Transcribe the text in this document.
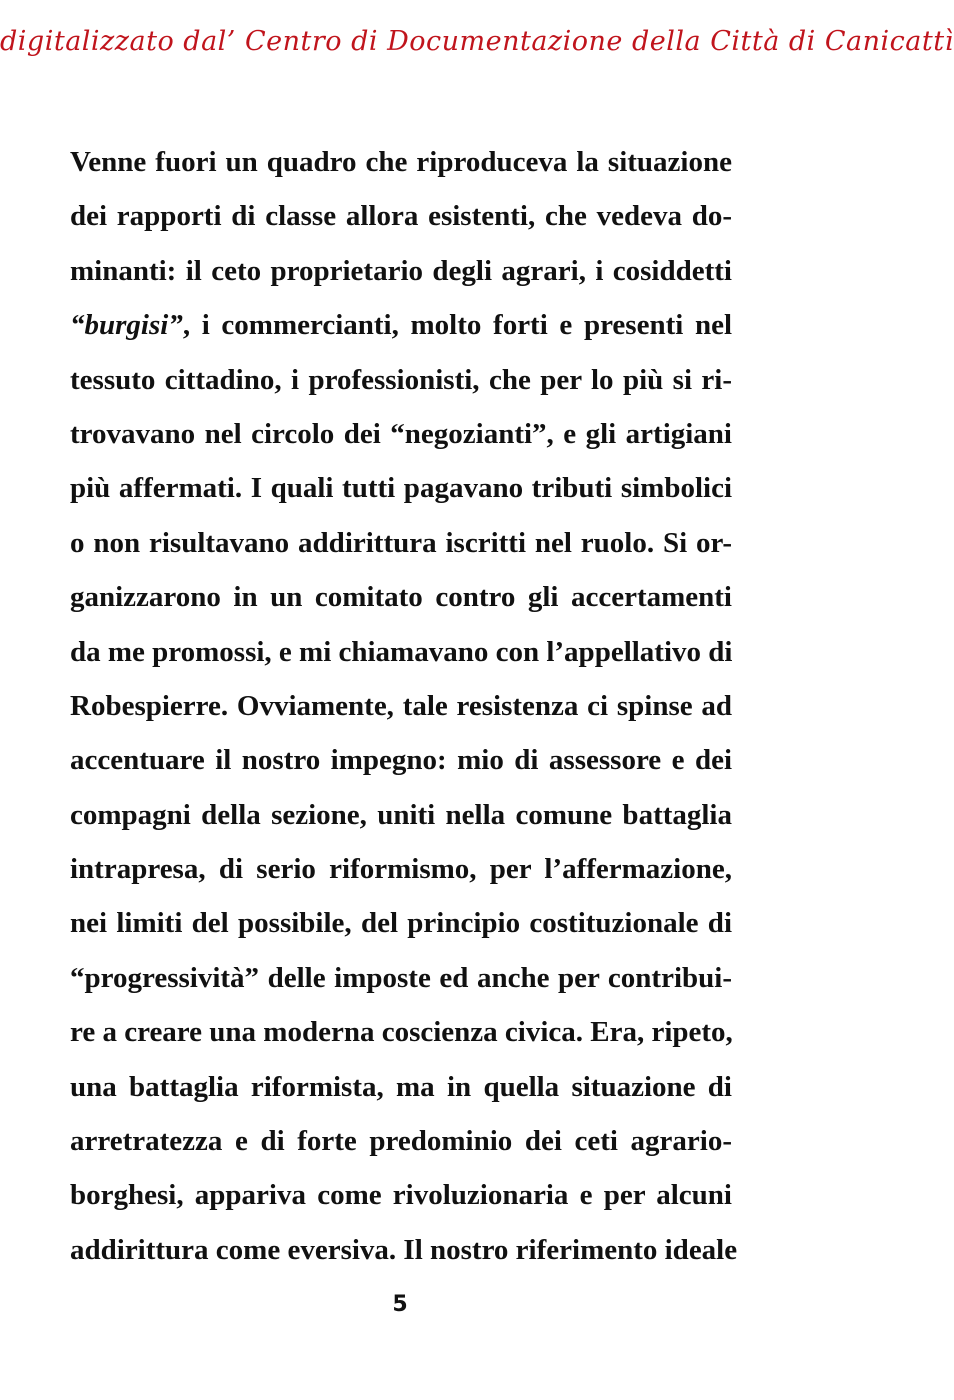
digitalizzato dal’ Centro di Documentazione della Città di Canicattì
Venne fuori un quadro che riproduceva la situazione
dei rapporti di classe allora esistenti, che vedeva do-
minanti: il ceto proprietario degli agrari, i cosiddetti
“burgisi”, i commercianti, molto forti e presenti nel
tessuto cittadino, i professionisti, che per lo più si ri-
trovavano nel circolo dei “negozianti”, e gli artigiani
più affermati. I quali tutti pagavano tributi simbolici
o non risultavano addirittura iscritti nel ruolo. Si or-
ganizzarono in un comitato contro gli accertamenti
da me promossi, e mi chiamavano con l’appellativo di
Robespierre. Ovviamente, tale resistenza ci spinse ad
accentuare il nostro impegno: mio di assessore e dei
compagni della sezione, uniti nella comune battaglia
intrapresa, di serio riformismo, per l’affermazione,
nei limiti del possibile, del principio costituzionale di
“progressività” delle imposte ed anche per contribui-
re a creare una moderna coscienza civica. Era, ripeto,
una battaglia riformista, ma in quella situazione di
arretratezza e di forte predominio dei ceti agrario-
borghesi, appariva come rivoluzionaria e per alcuni
addirittura come eversiva. Il nostro riferimento ideale
5
